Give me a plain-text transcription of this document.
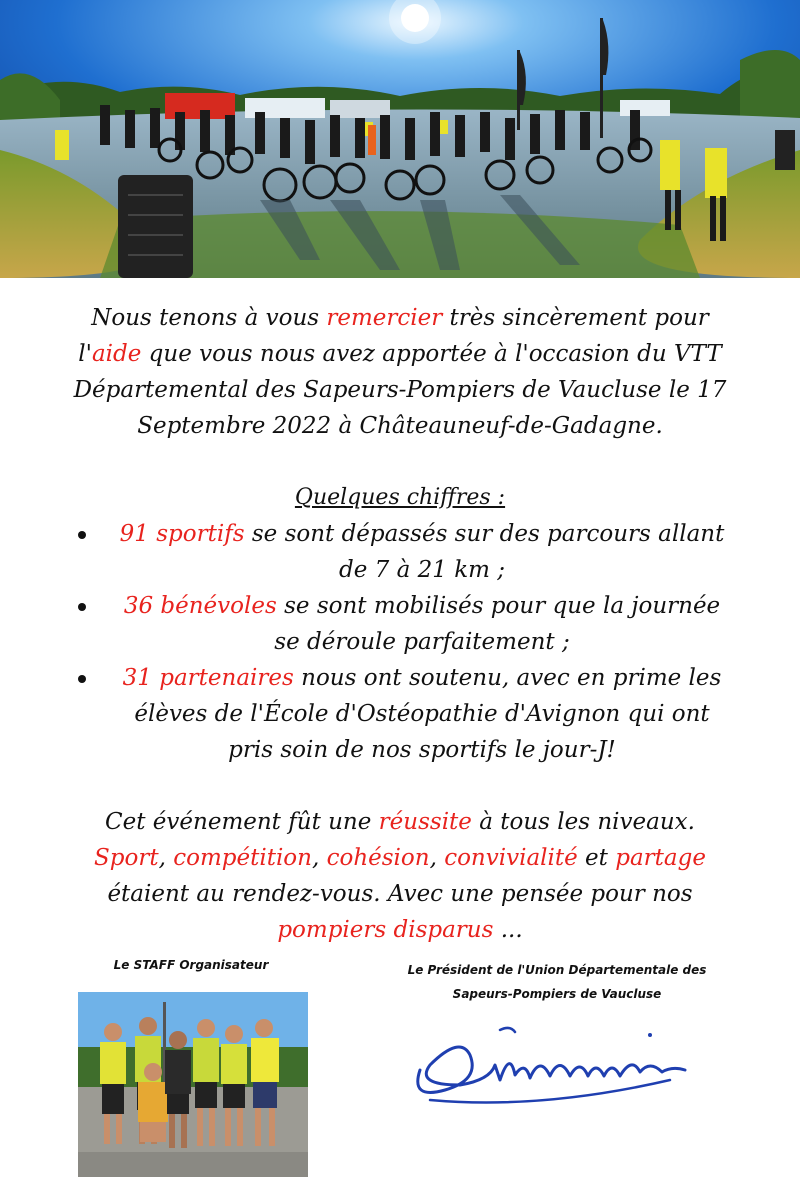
Nous tenons à vous remercier très sincèrement pour l'aide que vous nous avez apportée à l'occasion du VTT Départemental des Sapeurs-Pompiers de Vaucluse le 17 Septembre 2022 à Châteauneuf-de-Gadagne.

Quelques chiffres :

91 sportifs se sont dépassés sur des parcours allant de 7 à 21 km ;
36 bénévoles se sont mobilisés pour que la journée se déroule parfaitement ;
31 partenaires nous ont soutenu, avec en prime les élèves de l'École d'Ostéopathie d'Avignon qui ont pris soin de nos sportifs le jour-J!

Cet événement fût une réussite à tous les niveaux. Sport, compétition, cohésion, convivialité et partage étaient au rendez-vous. Avec une pensée pour nos pompiers disparus ...

Le STAFF Organisateur	Le Président de l'Union Départementale des
Sapeurs-Pompiers de Vaucluse
